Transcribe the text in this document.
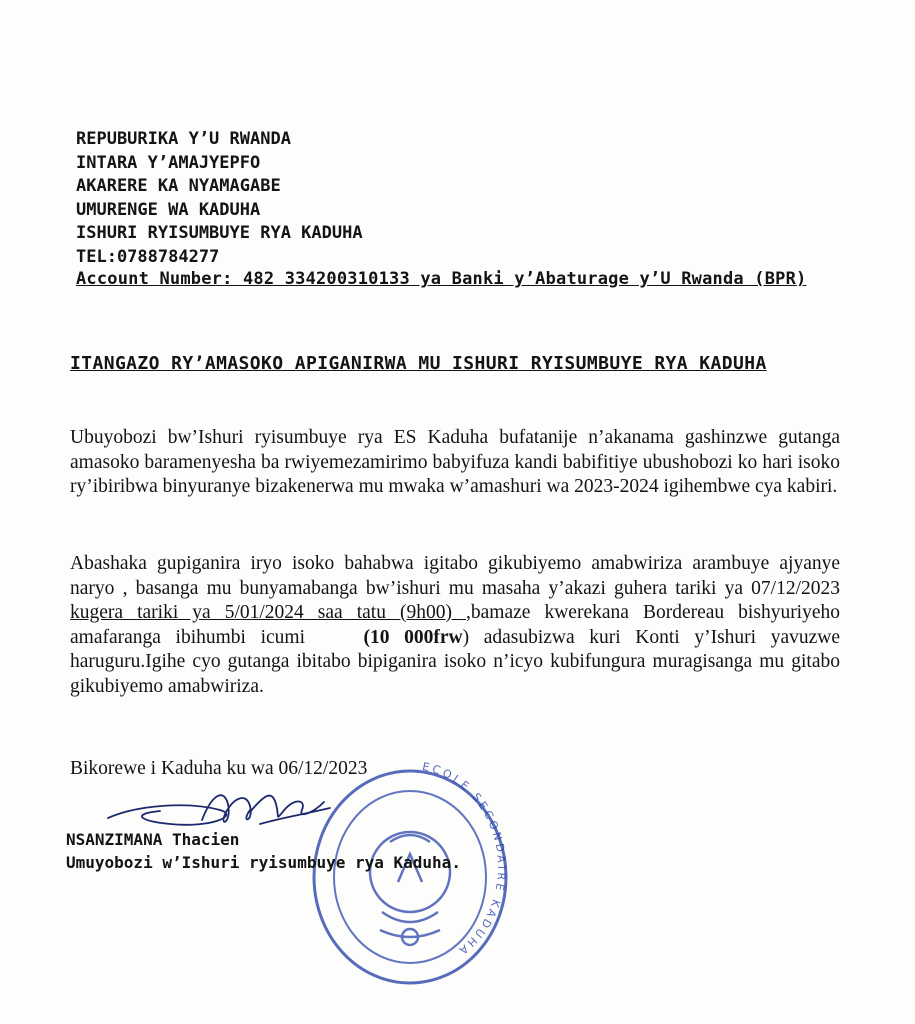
REPUBURIKA Y’U RWANDA
INTARA Y’AMAJYEPFO
AKARERE KA NYAMAGABE
UMURENGE WA KADUHA
ISHURI RYISUMBUYE RYA KADUHA
TEL:0788784277
Account Number: 482 334200310133 ya Banki y’Abaturage y’U Rwanda (BPR)
ITANGAZO RY’AMASOKO APIGANIRWA MU ISHURI RYISUMBUYE RYA KADUHA
Ubuyobozi bw’Ishuri ryisumbuye rya ES Kaduha bufatanije n’akanama gashinzwe gutanga amasoko baramenyesha ba rwiyemezamirimo babyifuza kandi babifitiye ubushobozi ko hari isoko ry’ibiribwa binyuranye bizakenerwa mu mwaka w’amashuri wa 2023-2024 igihembwe cya kabiri.
Abashaka gupiganira iryo isoko bahabwa igitabo gikubiyemo amabwiriza arambuye ajyanye naryo , basanga mu bunyamabanga bw’ishuri mu masaha y’akazi guhera tariki ya 07/12/2023 kugera tariki ya 5/01/2024 saa tatu (9h00) ,bamaze kwerekana Bordereau bishyuriyeho amafaranga ibihumbi icumi	(10 000frw) adasubizwa kuri Konti y’Ishuri yavuzwe haruguru.Igihe cyo gutanga ibitabo bipiganira isoko n’icyo kubifungura muragisanga mu gitabo gikubiyemo amabwiriza.
Bikorewe i Kaduha ku wa 06/12/2023	ECOLE SECONDAIRE KADUHA
NSANZIMANA Thacien
Umuyobozi w’Ishuri ryisumbuye rya Kaduha.
